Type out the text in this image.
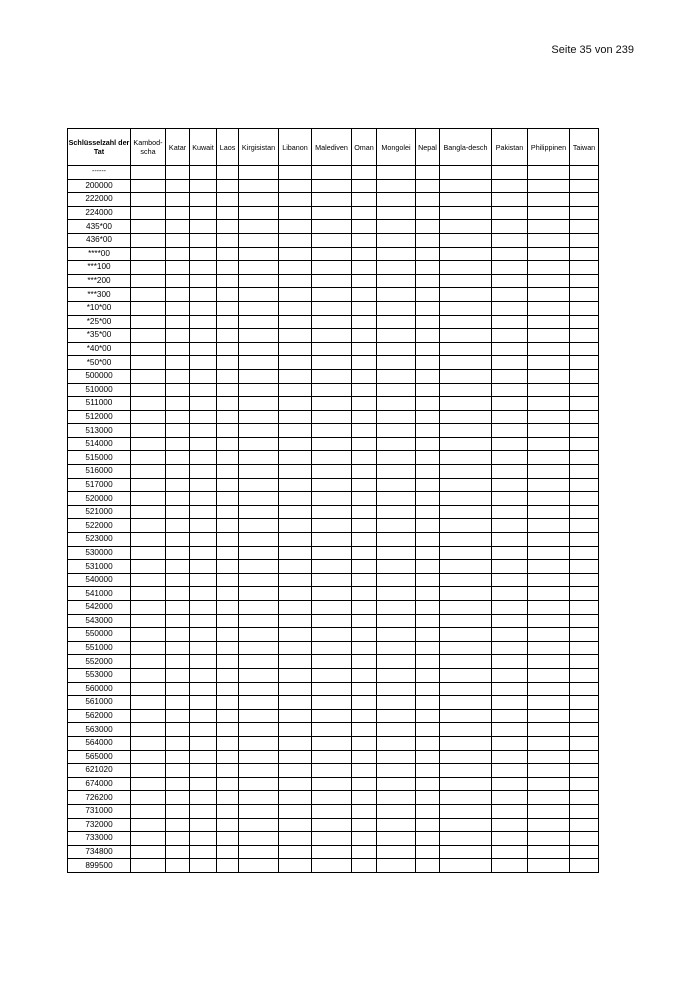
Seite 35 von 239
Schlüsselzahl der Tat	Kambod-scha	Katar	Kuwait	Laos	Kirgisistan	Libanon	Malediven	Oman	Mongolei	Nepal	Bangla-desch	Pakistan	Philippinen	Taiwan
------														
200000														
222000														
224000														
435*00														
436*00														
****00														
***100														
***200														
***300														
*10*00														
*25*00														
*35*00														
*40*00														
*50*00														
500000														
510000														
511000														
512000														
513000														
514000														
515000														
516000														
517000														
520000														
521000														
522000														
523000														
530000														
531000														
540000														
541000														
542000														
543000														
550000														
551000														
552000														
553000														
560000														
561000														
562000														
563000														
564000														
565000														
621020														
674000														
726200														
731000														
732000														
733000														
734800														
899500														
